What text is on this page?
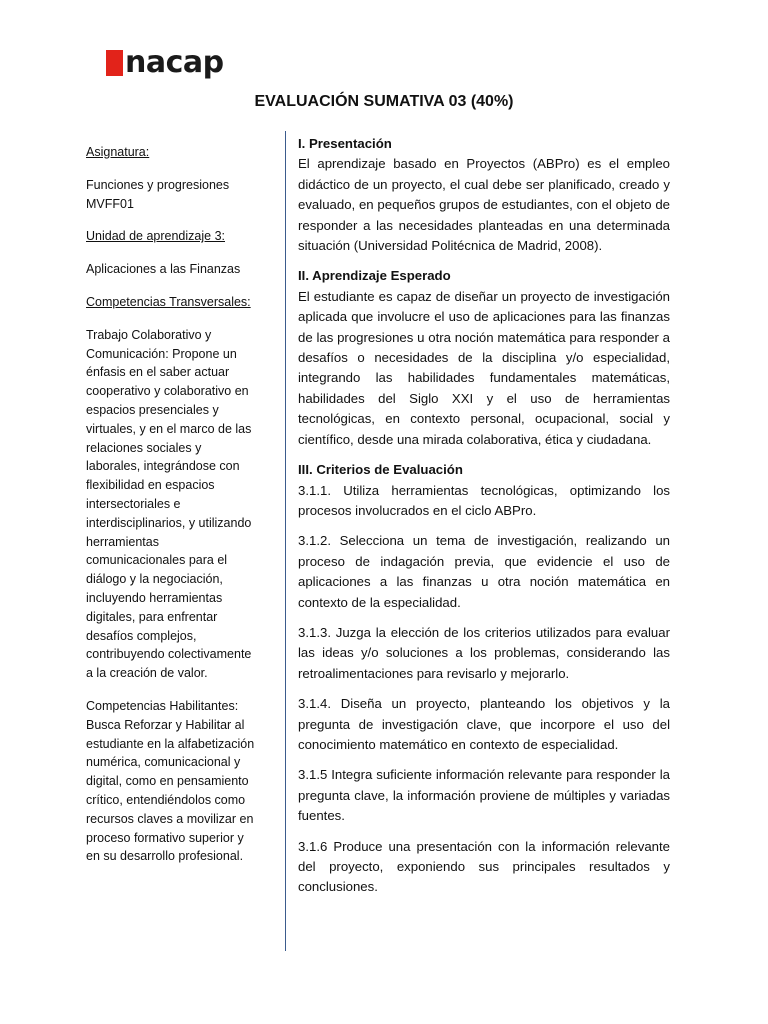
nacap
EVALUACIÓN SUMATIVA 03 (40%)

Asignatura:

Funciones y progresiones MVFF01

Unidad de aprendizaje 3:

Aplicaciones a las Finanzas

Competencias Transversales:

Trabajo Colaborativo y Comunicación: Propone un énfasis en el saber actuar cooperativo y colaborativo en espacios presenciales y virtuales, y en el marco de las relaciones sociales y laborales, integrándose con flexibilidad en espacios intersectoriales e interdisciplinarios, y utilizando herramientas comunicacionales para el diálogo y la negociación, incluyendo herramientas digitales, para enfrentar desafíos complejos, contribuyendo colectivamente a la creación de valor.

Competencias Habilitantes: Busca Reforzar y Habilitar al estudiante en la alfabetización numérica, comunicacional y digital, como en pensamiento crítico, entendiéndolos como recursos claves a movilizar en proceso formativo superior y en su desarrollo profesional.

I. Presentación

El aprendizaje basado en Proyectos (ABPro) es el empleo didáctico de un proyecto, el cual debe ser planificado, creado y evaluado, en pequeños grupos de estudiantes, con el objeto de responder a las necesidades planteadas en una determinada situación (Universidad Politécnica de Madrid, 2008).

II. Aprendizaje Esperado

El estudiante es capaz de diseñar un proyecto de investigación aplicada que involucre el uso de aplicaciones para las finanzas de las progresiones u otra noción matemática para responder a desafíos o necesidades de la disciplina y/o especialidad, integrando las habilidades fundamentales matemáticas, habilidades del Siglo XXI y el uso de herramientas tecnológicas, en contexto personal, ocupacional, social y científico, desde una mirada colaborativa, ética y ciudadana.

III. Criterios de Evaluación

3.1.1. Utiliza herramientas tecnológicas, optimizando los procesos involucrados en el ciclo ABPro.

3.1.2. Selecciona un tema de investigación, realizando un proceso de indagación previa, que evidencie el uso de aplicaciones a las finanzas u otra noción matemática en contexto de la especialidad.

3.1.3. Juzga la elección de los criterios utilizados para evaluar las ideas y/o soluciones a los problemas, considerando las retroalimentaciones para revisarlo y mejorarlo.

3.1.4. Diseña un proyecto, planteando los objetivos y la pregunta de investigación clave, que incorpore el uso del conocimiento matemático en contexto de especialidad.

3.1.5 Integra suficiente información relevante para responder la pregunta clave, la información proviene de múltiples y variadas fuentes.

3.1.6 Produce una presentación con la información relevante del proyecto, exponiendo sus principales resultados y conclusiones.
